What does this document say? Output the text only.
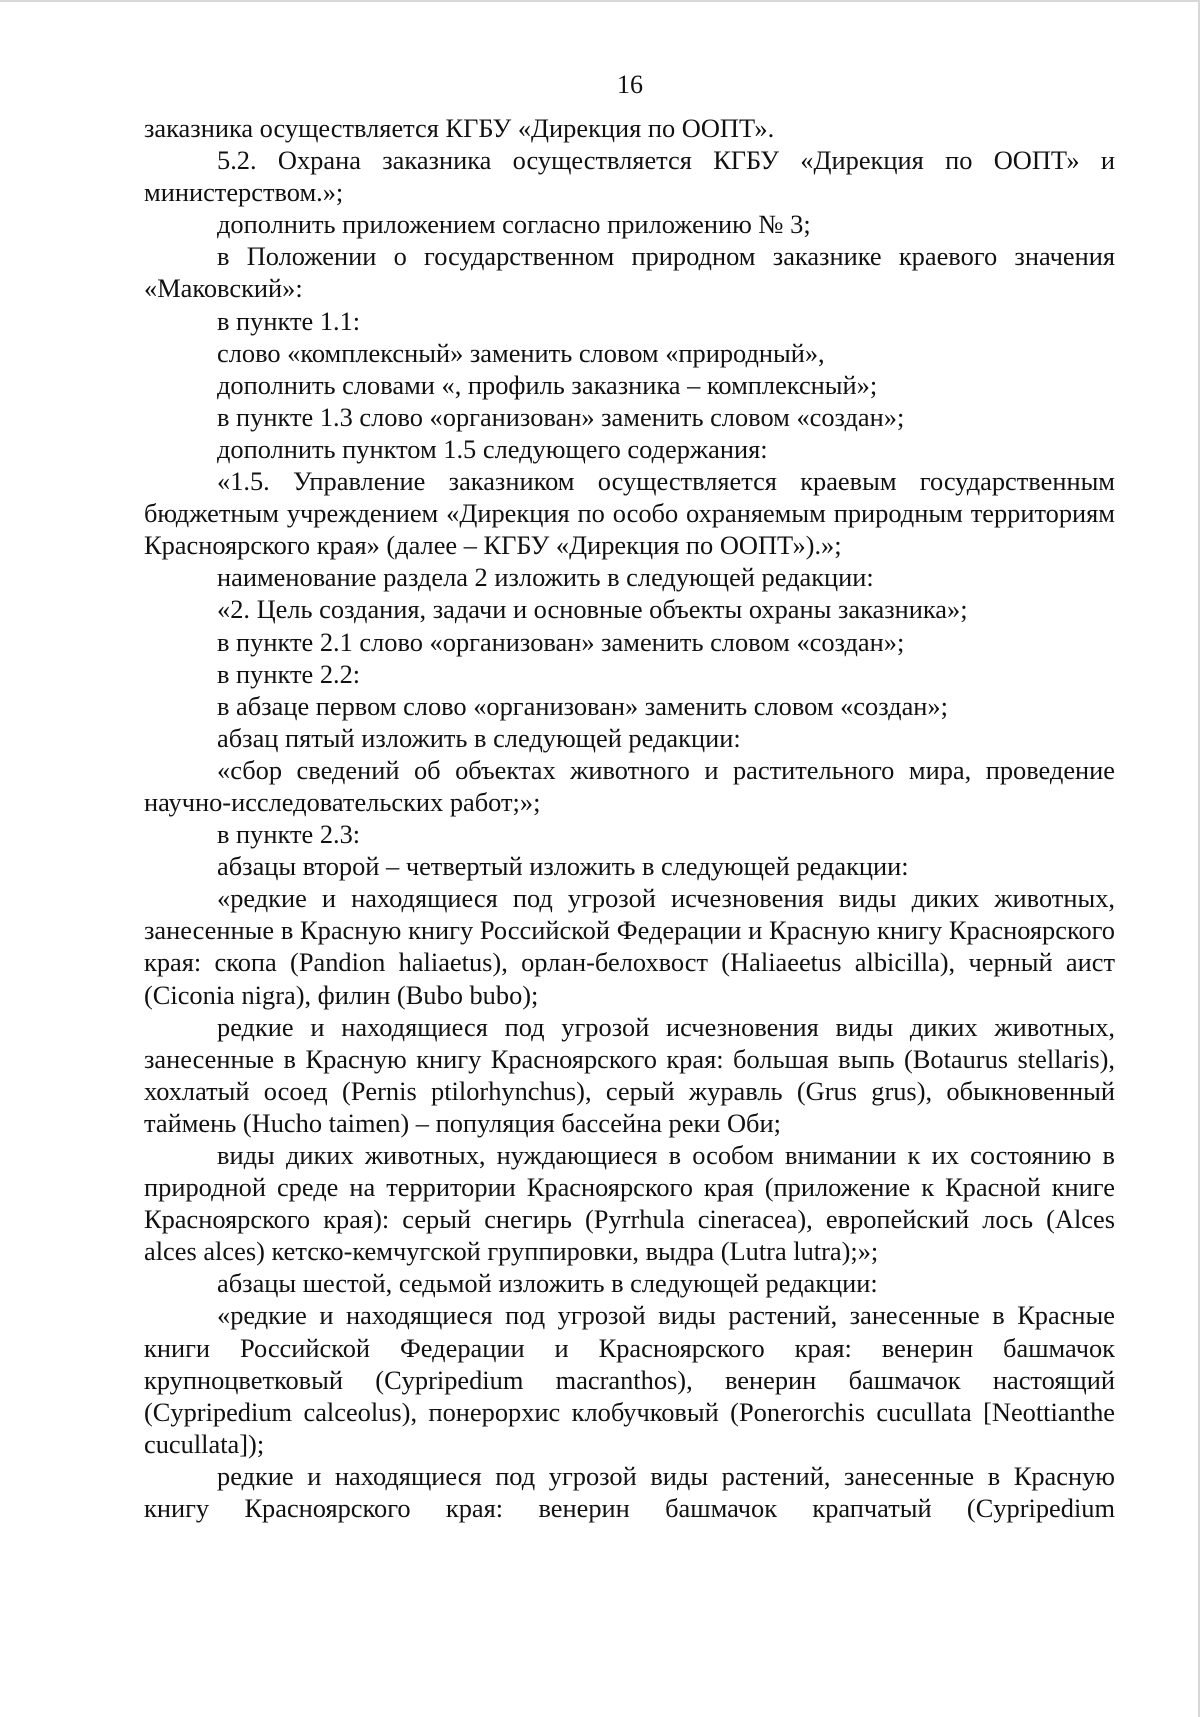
16

заказника осуществляется КГБУ «Дирекция по ООПТ».

5.2. Охрана заказника осуществляется КГБУ «Дирекция по ООПТ» и министерством.»;

дополнить приложением согласно приложению № 3;

в Положении о государственном природном заказнике краевого значения «Маковский»:

в пункте 1.1:

слово «комплексный» заменить словом «природный»,

дополнить словами «, профиль заказника – комплексный»;

в пункте 1.3 слово «организован» заменить словом «создан»;

дополнить пунктом 1.5 следующего содержания:

«1.5. Управление заказником осуществляется краевым государственным бюджетным учреждением «Дирекция по особо охраняемым природным территориям Красноярского края» (далее – КГБУ «Дирекция по ООПТ»).»;

наименование раздела 2 изложить в следующей редакции:

«2. Цель создания, задачи и основные объекты охраны заказника»;

в пункте 2.1 слово «организован» заменить словом «создан»;

в пункте 2.2:

в абзаце первом слово «организован» заменить словом «создан»;

абзац пятый изложить в следующей редакции:

«сбор сведений об объектах животного и растительного мира, проведение научно-исследовательских работ;»;

в пункте 2.3:

абзацы второй – четвертый изложить в следующей редакции:

«редкие и находящиеся под угрозой исчезновения виды диких животных, занесенные в Красную книгу Российской Федерации и Красную книгу Красноярского края: скопа (Pandion haliaetus), орлан-белохвост (Haliaeetus albicilla), черный аист (Ciconia nigra), филин (Bubo bubo);

редкие и находящиеся под угрозой исчезновения виды диких животных, занесенные в Красную книгу Красноярского края: большая выпь (Botaurus stellaris), хохлатый осоед (Pernis ptilorhynchus), серый журавль (Grus grus), обыкновенный таймень (Hucho taimen) – популяция бассейна реки Оби;

виды диких животных, нуждающиеся в особом внимании к их состоянию в природной среде на территории Красноярского края (приложение к Красной книге Красноярского края): серый снегирь (Pyrrhula cineracea), европейский лось (Alces alces alces) кетско-кемчугской группировки, выдра (Lutra lutra);»;

абзацы шестой, седьмой изложить в следующей редакции:

«редкие и находящиеся под угрозой виды растений, занесенные в Красные книги Российской Федерации и Красноярского края: венерин башмачок крупноцветковый (Cypripedium macranthos), венерин башмачок настоящий (Cypripedium calceolus), понерорхис клобучковый (Ponerorchis cucullata [Neottianthe cucullata]);

редкие и находящиеся под угрозой виды растений, занесенные в Красную книгу Красноярского края: венерин башмачок крапчатый (Cypripedium
